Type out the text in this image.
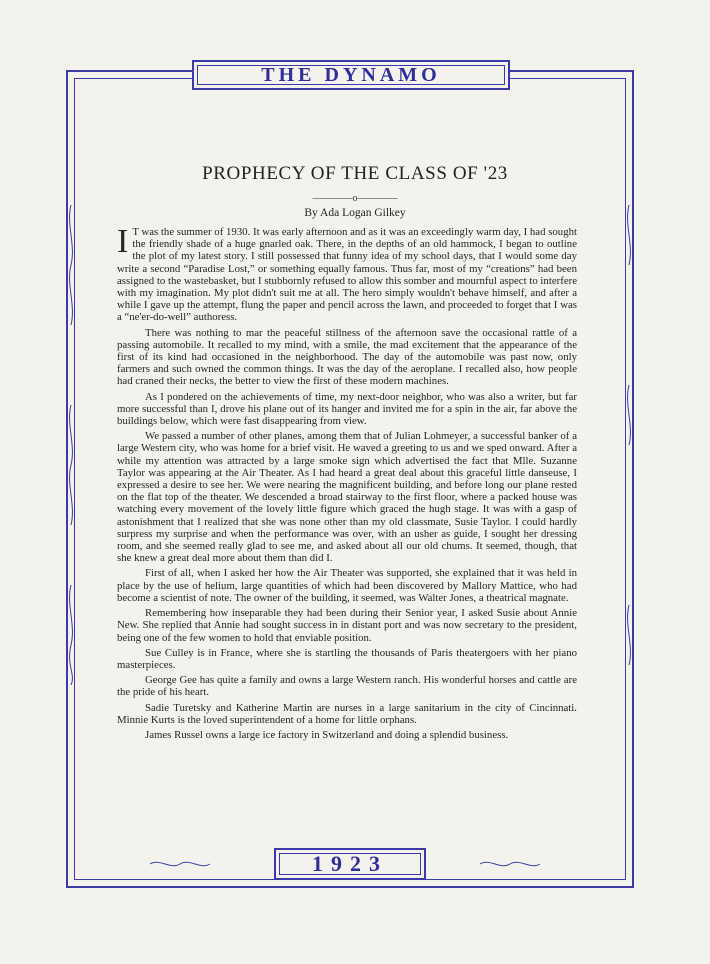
THE DYNAMO
PROPHECY OF THE CLASS OF '23
————o————
By Ada Logan Gilkey

I T was the summer of 1930. It was early afternoon and as it was an exceedingly warm day, I had sought the friendly shade of a huge gnarled oak. There, in the depths of an old hammock, I began to outline the plot of my latest story. I still possessed that funny idea of my school days, that I would some day write a second “Paradise Lost,” or something equally famous. Thus far, most of my “creations” had been assigned to the wastebasket, but I stubbornly refused to allow this somber and mournful aspect to interfere with my imagination. My plot didn't suit me at all. The hero simply wouldn't behave himself, and after a while I gave up the attempt, flung the paper and pencil across the lawn, and proceeded to forget that I was a “ne'er-do-well” authoress.

There was nothing to mar the peaceful stillness of the afternoon save the occasional rattle of a passing automobile. It recalled to my mind, with a smile, the mad excitement that the appearance of the first of its kind had occasioned in the neighborhood. The day of the automobile was past now, only farmers and such owned the common things. It was the day of the aeroplane. I recalled also, how people had craned their necks, the better to view the first of these modern machines.

As I pondered on the achievements of time, my next-door neighbor, who was also a writer, but far more successful than I, drove his plane out of its hanger and invited me for a spin in the air, far above the buildings below, which were fast disappearing from view.

We passed a number of other planes, among them that of Julian Lohmeyer, a successful banker of a large Western city, who was home for a brief visit. He waved a greeting to us and we sped onward. After a while my attention was attracted by a large smoke sign which advertised the fact that Mlle. Suzanne Taylor was appearing at the Air Theater. As I had heard a great deal about this graceful little danseuse, I expressed a desire to see her. We were nearing the magnificent building, and before long our plane rested on the flat top of the theater. We descended a broad stairway to the first floor, where a packed house was watching every movement of the lovely little figure which graced the hugh stage. It was with a gasp of astonishment that I realized that she was none other than my old classmate, Susie Taylor. I could hardly surpress my surprise and when the performance was over, with an usher as guide, I sought her dressing room, and she seemed really glad to see me, and asked about all our old chums. It seemed, though, that she knew a great deal more about them than did I.

First of all, when I asked her how the Air Theater was supported, she explained that it was held in place by the use of helium, large quantities of which had been discovered by Mallory Mattice, who had become a scientist of note. The owner of the building, it seemed, was Walter Jones, a theatrical magnate.

Remembering how inseparable they had been during their Senior year, I asked Susie about Annie New. She replied that Annie had sought success in in distant port and was now secretary to the president, being one of the few women to hold that enviable position.

Sue Culley is in France, where she is startling the thousands of Paris theatergoers with her piano masterpieces.

George Gee has quite a family and owns a large Western ranch. His wonderful horses and cattle are the pride of his heart.

Sadie Turetsky and Katherine Martin are nurses in a large sanitarium in the city of Cincinnati. Minnie Kurts is the loved superintendent of a home for little orphans.

James Russel owns a large ice factory in Switzerland and doing a splendid business.

1923
